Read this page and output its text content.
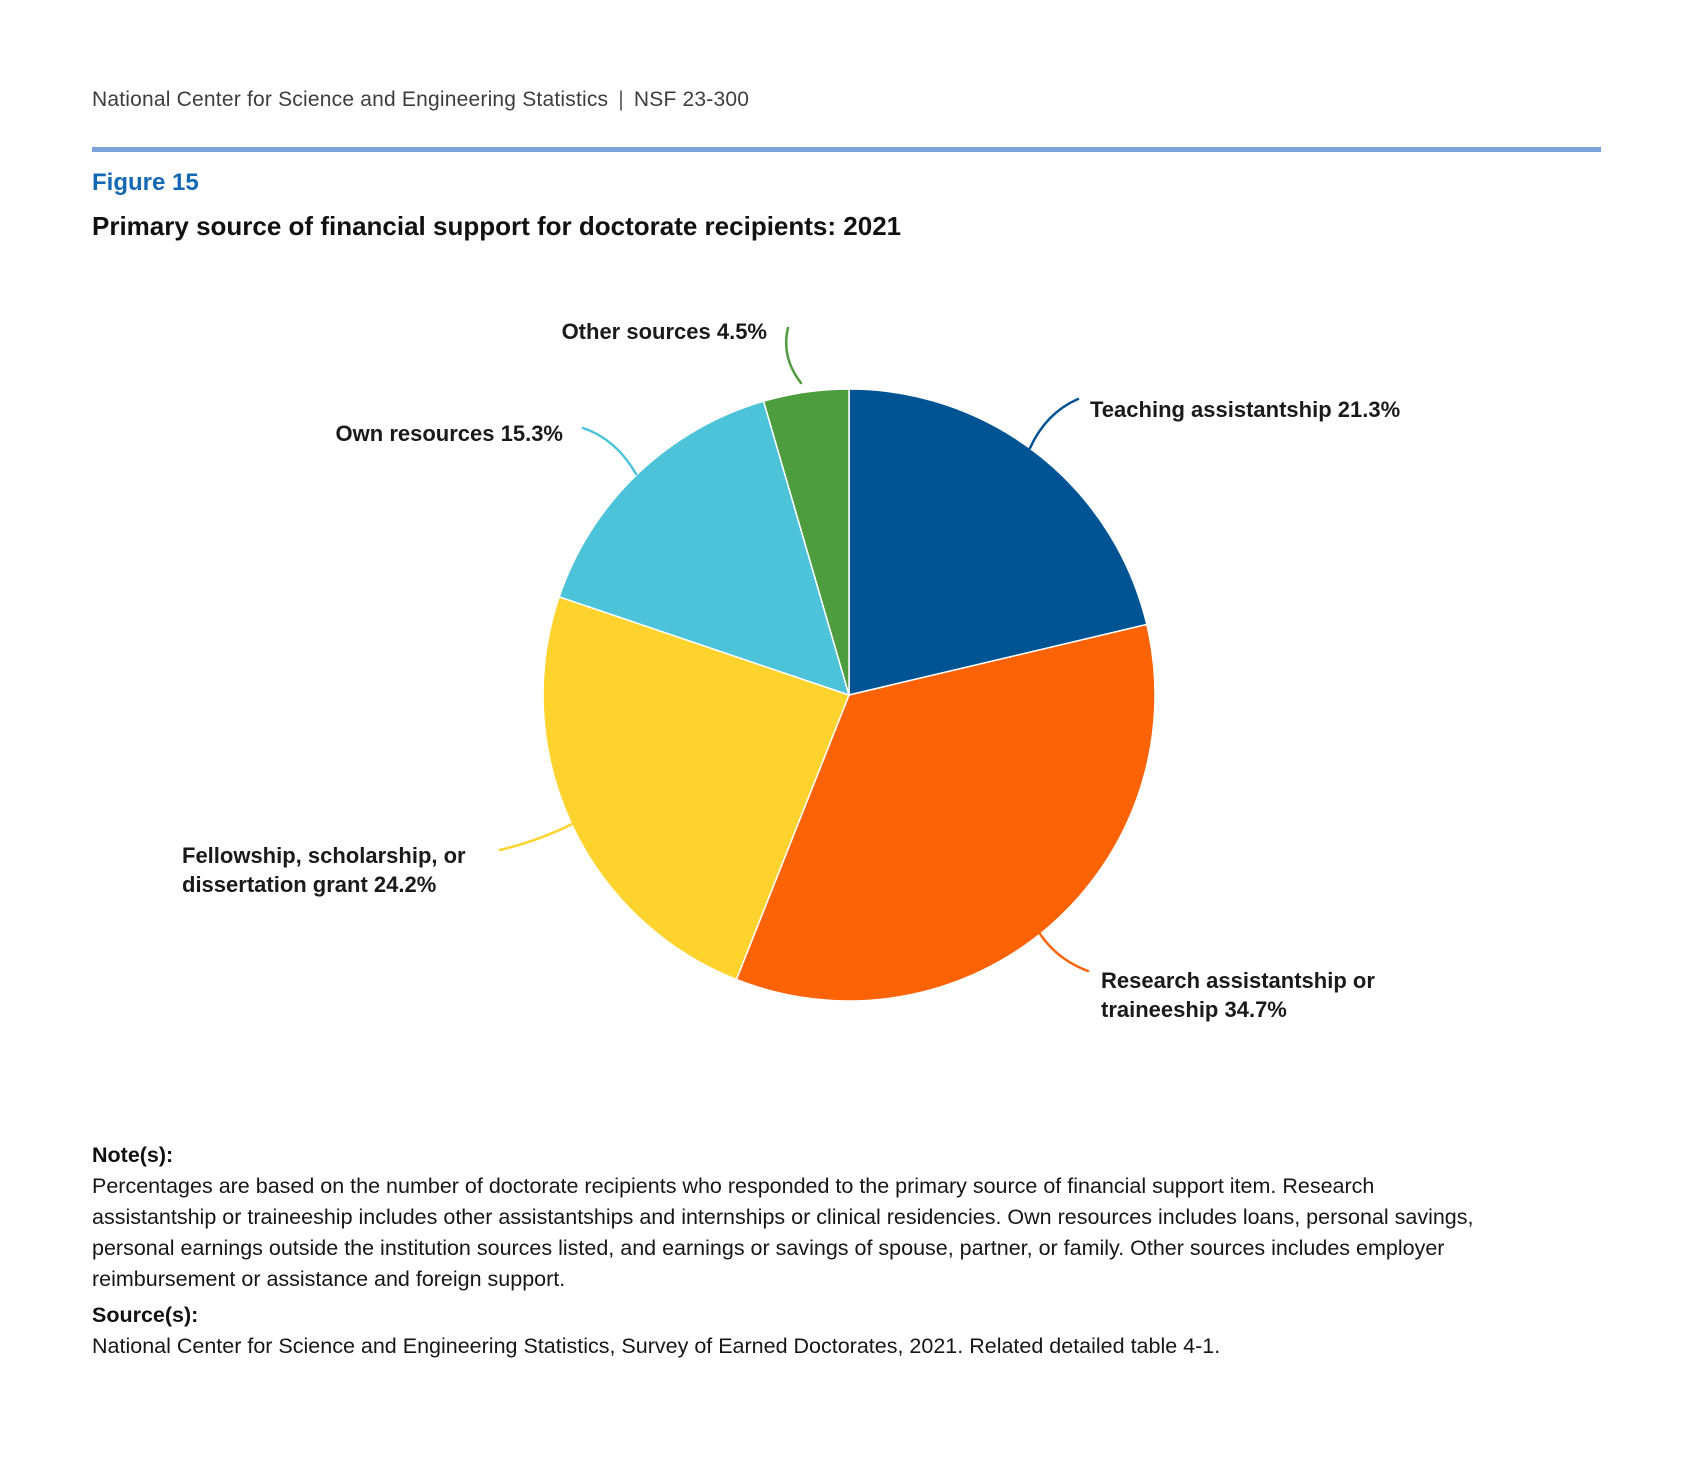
National Center for Science and Engineering Statistics | NSF 23-300
Figure 15
Primary source of financial support for doctorate recipients: 2021
Teaching assistantship 21.3%
Research assistantship or
traineeship 34.7%
Fellowship, scholarship, or
dissertation grant 24.2%
Own resources 15.3%
Other sources 4.5%
Note(s):
Percentages are based on the number of doctorate recipients who responded to the primary source of financial support item. Research
assistantship or traineeship includes other assistantships and internships or clinical residencies. Own resources includes loans, personal savings,
personal earnings outside the institution sources listed, and earnings or savings of spouse, partner, or family. Other sources includes employer
reimbursement or assistance and foreign support.
Source(s):
National Center for Science and Engineering Statistics, Survey of Earned Doctorates, 2021. Related detailed table 4-1.
